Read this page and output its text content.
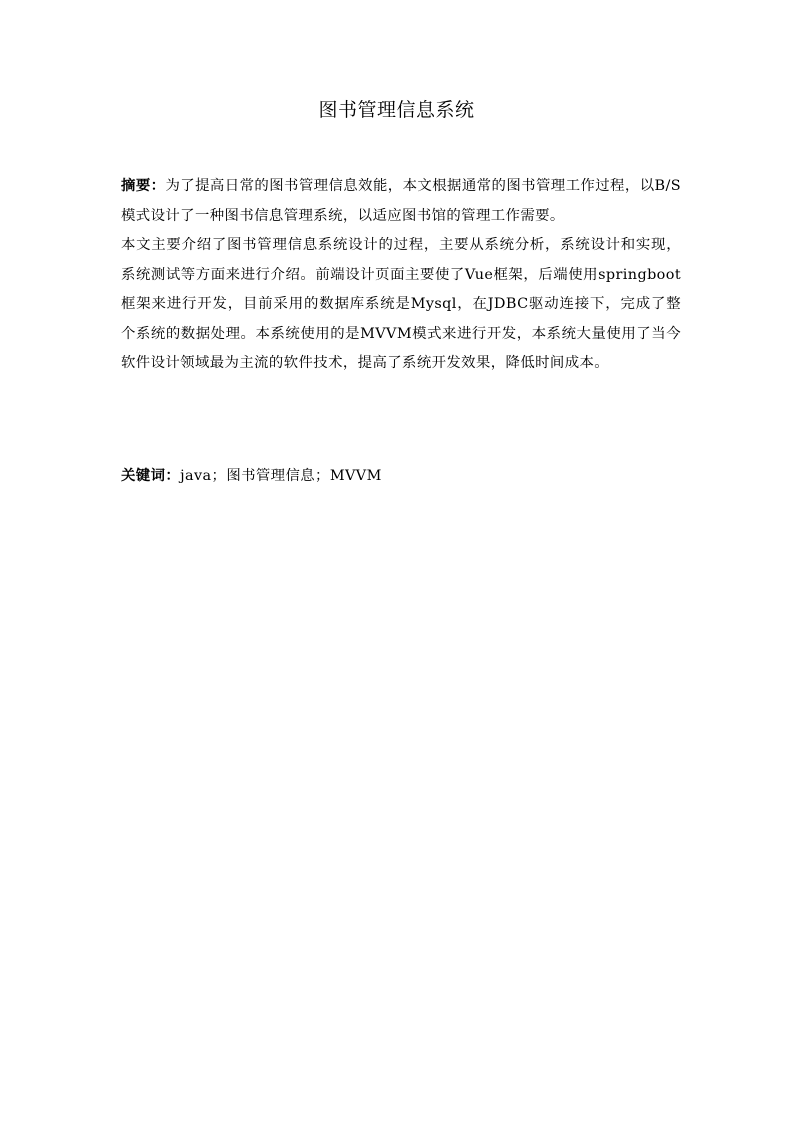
图书管理信息系统

摘要：为了提高日常的图书管理信息效能，本文根据通常的图书管理工作过程，以B/S模式设计了一种图书信息管理系统，以适应图书馆的管理工作需要。

本文主要介绍了图书管理信息系统设计的过程，主要从系统分析，系统设计和实现，系统测试等方面来进行介绍。前端设计页面主要使了Vue框架，后端使用springboot框架来进行开发，目前采用的数据库系统是Mysql，在JDBC驱动连接下，完成了整个系统的数据处理。本系统使用的是MVVM模式来进行开发，本系统大量使用了当今软件设计领域最为主流的软件技术，提高了系统开发效果，降低时间成本。

关键词：java；图书管理信息；MVVM
